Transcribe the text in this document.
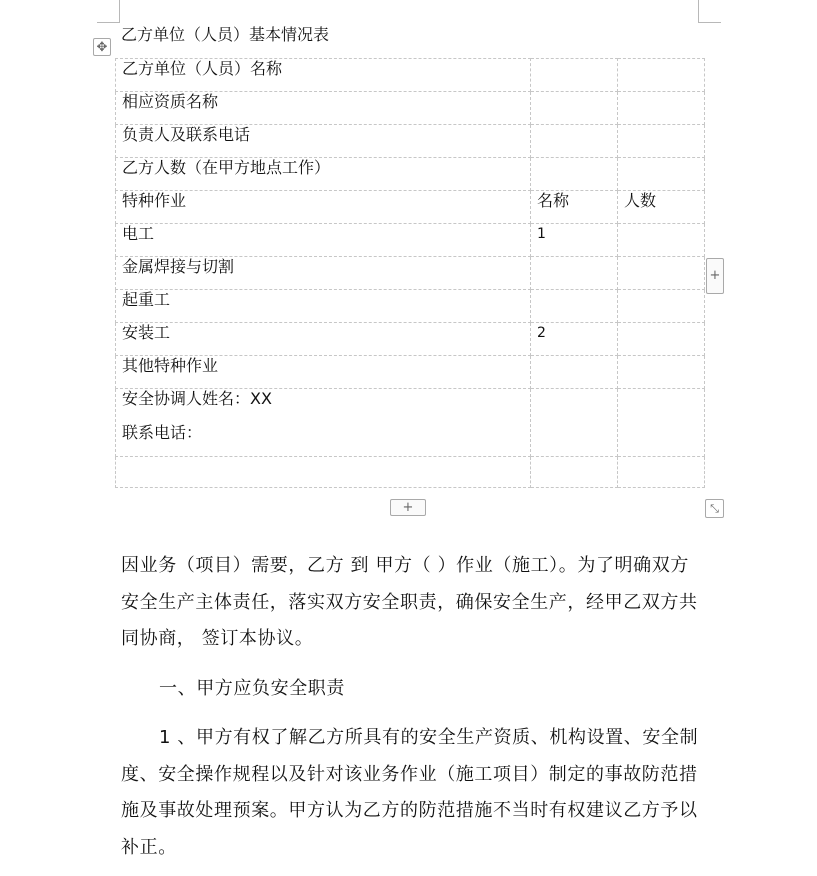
✥
乙方单位（人员）基本情况表
乙方单位（人员）名称		

相应资质名称		

负责人及联系电话		

乙方人数（在甲方地点工作）		

特种作业	名称	人数

电工	1	

金属焊接与切割		

起重工		

安装工	2	

其他特种作业		

安全协调人姓名：XX
联系电话：		

+
+	⤡

因业务（项目）需要，乙方 到 甲方（ ）作业（施工）。为了明确双方安全生产主体责任，落实双方安全职责，确保安全生产，经甲乙双方共同协商， 签订本协议。

一、甲方应负安全职责

1 、甲方有权了解乙方所具有的安全生产资质、机构设置、安全制度、安全操作规程以及针对该业务作业（施工项目）制定的事故防范措施及事故处理预案。甲方认为乙方的防范措施不当时有权建议乙方予以补正。
